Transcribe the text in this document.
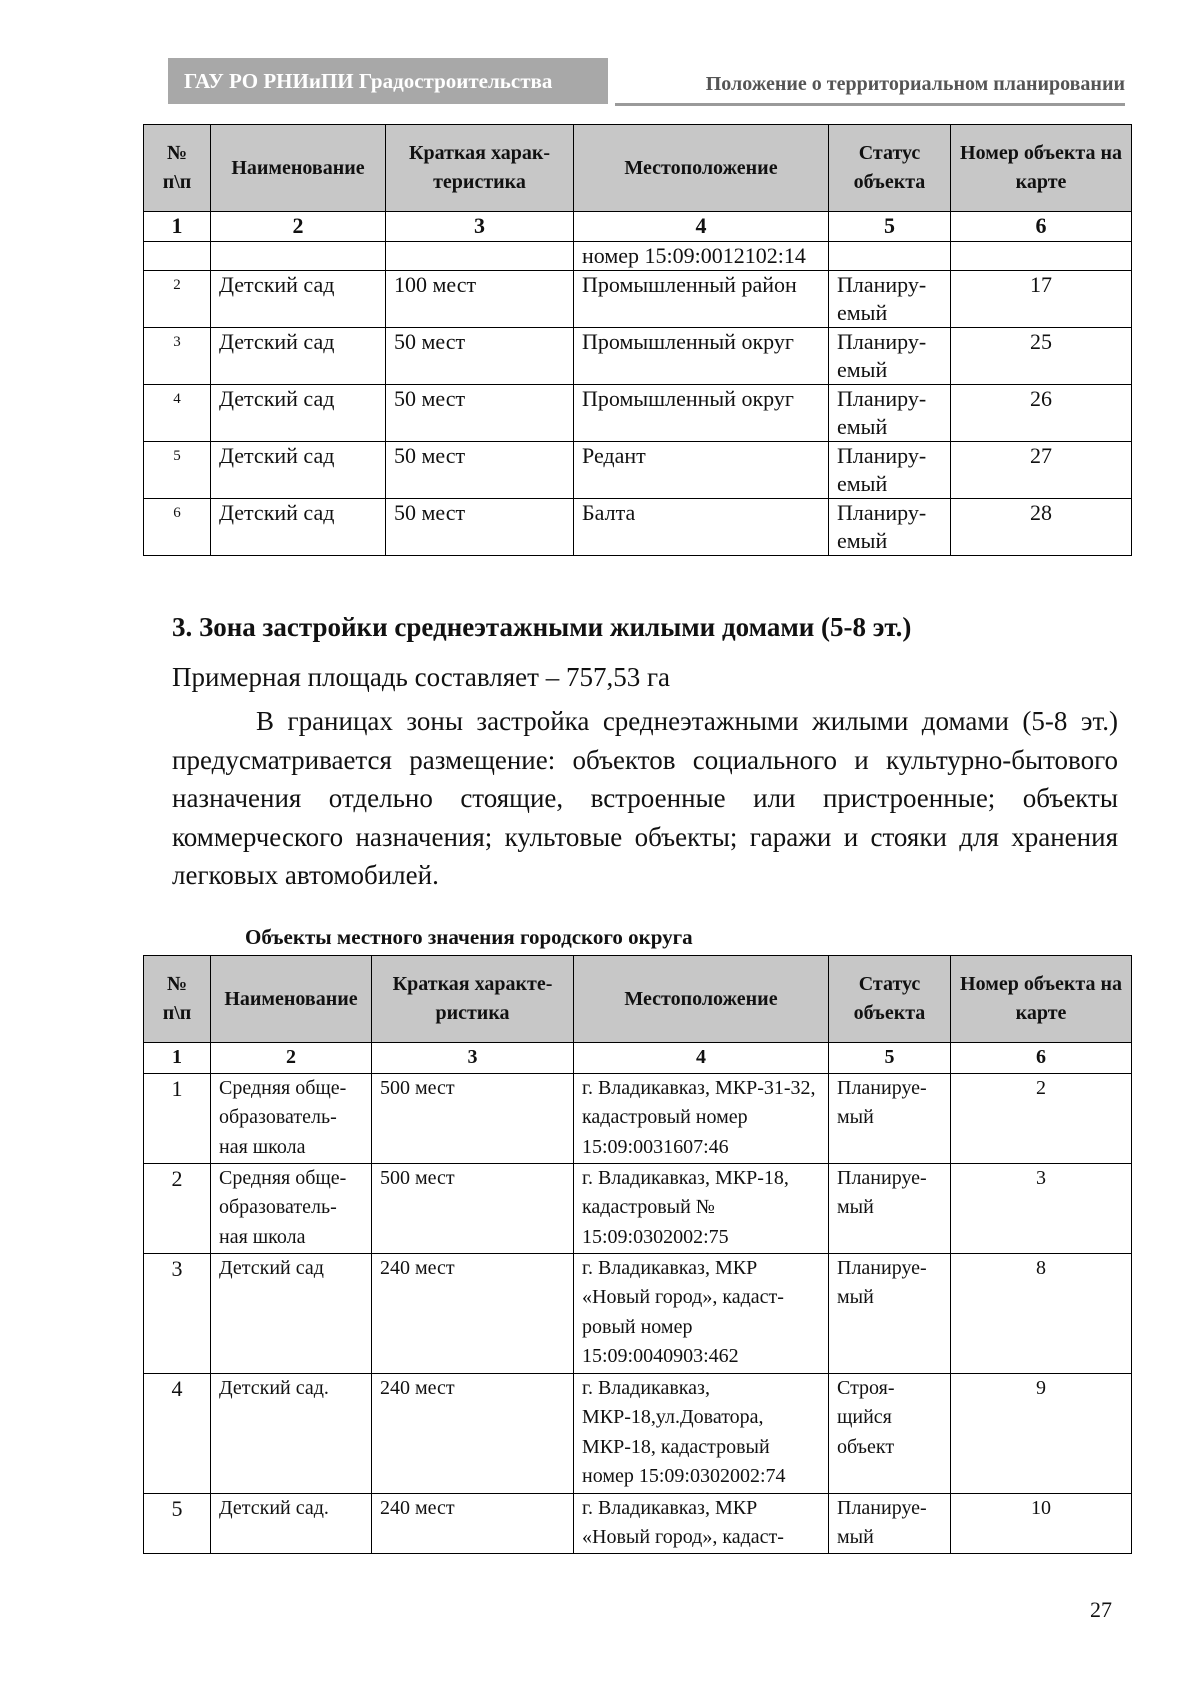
ГАУ РО РНИиПИ Градостроительства	Положение о территориальном планировании
№ п\п	Наименование	Краткая харак-теристика	Местоположение	Статус объекта	Номер объекта на карте
1	2	3	4	5	6
			номер 15:09:0012102:14		
2	Детский сад	100 мест	Промышленный район	Планиру-емый	17
3	Детский сад	50 мест	Промышленный округ	Планиру-емый	25
4	Детский сад	50 мест	Промышленный округ	Планиру-емый	26
5	Детский сад	50 мест	Редант	Планиру-емый	27
6	Детский сад	50 мест	Балта	Планиру-емый	28
3. Зона застройки среднеэтажными жилыми домами (5-8 эт.)
Примерная площадь составляет – 757,53 га
В границах зоны застройка среднеэтажными жилыми домами (5-8 эт.) предусматривается размещение: объектов социального и культурно-бытового назначения отдельно стоящие, встроенные или пристроенные; объекты коммерческого назначения; культовые объекты; гаражи и стояки для хранения легковых автомобилей.
Объекты местного значения городского округа
№ п\п	Наименование	Краткая характе-ристика	Местоположение	Статус объекта	Номер объекта на карте
1	2	3	4	5	6
1	Средняя обще-образователь-ная школа	500 мест	г. Владикавказ, МКР-31-32, кадастровый номер 15:09:0031607:46	Планируе-мый	2
2	Средняя обще-образователь-ная школа	500 мест	г. Владикавказ, МКР-18, кадастровый № 15:09:0302002:75	Планируе-мый	3
3	Детский сад	240 мест	г. Владикавказ, МКР «Новый город», кадаст-ровый номер 15:09:0040903:462	Планируе-мый	8
4	Детский сад.	240 мест	г. Владикавказ, МКР-18,ул.Доватора, МКР-18, кадастровый номер 15:09:0302002:74	Строя-щийся объект	9
5	Детский сад.	240 мест	г. Владикавказ, МКР «Новый город», кадаст-	Планируе-мый	10
27
